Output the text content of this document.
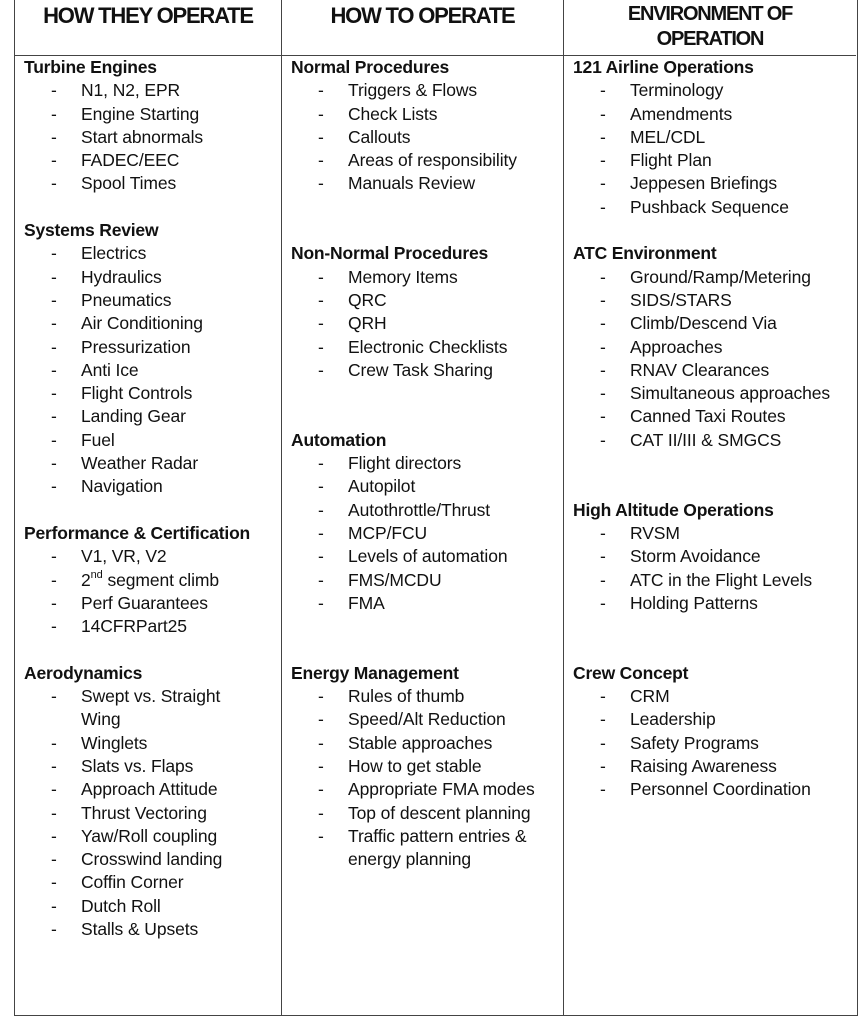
HOW THEY OPERATE
Turbine Engines
- N1, N2, EPR
- Engine Starting
- Start abnormals
- FADEC/EEC
- Spool Times
Systems Review
- Electrics
- Hydraulics
- Pneumatics
- Air Conditioning
- Pressurization
- Anti Ice
- Flight Controls
- Landing Gear
- Fuel
- Weather Radar
- Navigation
Performance & Certification
- V1, VR, V2
- 2nd segment climb
- Perf Guarantees
- 14CFRPart25
Aerodynamics
- Swept vs. Straight
Wing
- Winglets
- Slats vs. Flaps
- Approach Attitude
- Thrust Vectoring
- Yaw/Roll coupling
- Crosswind landing
- Coffin Corner
- Dutch Roll
- Stalls & Upsets
HOW TO OPERATE
Normal Procedures
- Triggers & Flows
- Check Lists
- Callouts
- Areas of responsibility
- Manuals Review
Non-Normal Procedures
- Memory Items
- QRC
- QRH
- Electronic Checklists
- Crew Task Sharing
Automation
- Flight directors
- Autopilot
- Autothrottle/Thrust
- MCP/FCU
- Levels of automation
- FMS/MCDU
- FMA
Energy Management
- Rules of thumb
- Speed/Alt Reduction
- Stable approaches
- How to get stable
- Appropriate FMA modes
- Top of descent planning
- Traffic pattern entries &
energy planning
ENVIRONMENT OF
OPERATION
121 Airline Operations
- Terminology
- Amendments
- MEL/CDL
- Flight Plan
- Jeppesen Briefings
- Pushback Sequence
ATC Environment
- Ground/Ramp/Metering
- SIDS/STARS
- Climb/Descend Via
- Approaches
- RNAV Clearances
- Simultaneous approaches
- Canned Taxi Routes
- CAT II/III & SMGCS
High Altitude Operations
- RVSM
- Storm Avoidance
- ATC in the Flight Levels
- Holding Patterns
Crew Concept
- CRM
- Leadership
- Safety Programs
- Raising Awareness
- Personnel Coordination
